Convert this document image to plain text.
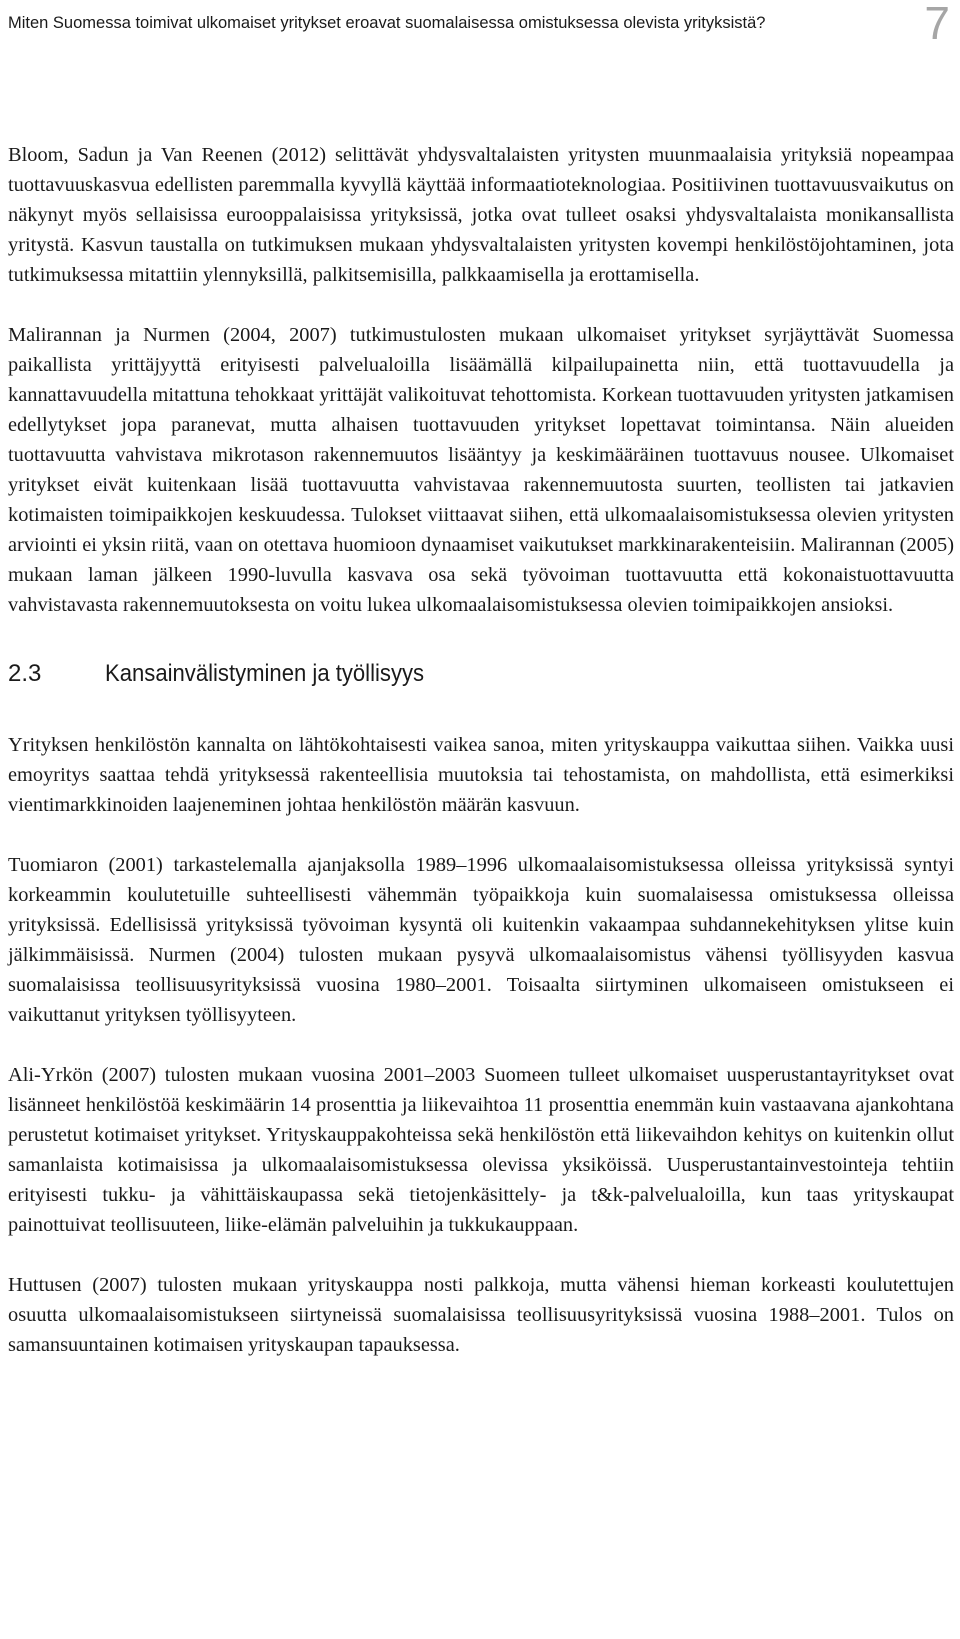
Miten Suomessa toimivat ulkomaiset yritykset eroavat suomalaisessa omistuksessa olevista yrityksistä?	7

Bloom, Sadun ja Van Reenen (2012) selittävät yhdysvaltalaisten yritysten muunmaalaisia yrityksiä nopeampaa tuottavuuskasvua edellisten paremmalla kyvyllä käyttää informaatioteknologiaa. Positiivinen tuottavuusvaikutus on näkynyt myös sellaisissa eurooppalaisissa yrityksissä, jotka ovat tulleet osaksi yhdysvaltalaista monikansallista yritystä. Kasvun taustalla on tutkimuksen mukaan yhdysvaltalaisten yritysten kovempi henkilöstöjohtaminen, jota tutkimuksessa mitattiin ylennyksillä, palkitsemisilla, palkkaamisella ja erottamisella.

Malirannan ja Nurmen (2004, 2007) tutkimustulosten mukaan ulkomaiset yritykset syrjäyttävät Suomessa paikallista yrittäjyyttä erityisesti palvelualoilla lisäämällä kilpailupainetta niin, että tuottavuudella ja kannattavuudella mitattuna tehokkaat yrittäjät valikoituvat tehottomista. Korkean tuottavuuden yritysten jatkamisen edellytykset jopa paranevat, mutta alhaisen tuottavuuden yritykset lopettavat toimintansa. Näin alueiden tuottavuutta vahvistava mikrotason rakennemuutos lisääntyy ja keskimääräinen tuottavuus nousee. Ulkomaiset yritykset eivät kuitenkaan lisää tuottavuutta vahvistavaa rakennemuutosta suurten, teollisten tai jatkavien kotimaisten toimipaikkojen keskuudessa. Tulokset viittaavat siihen, että ulkomaalaisomistuksessa olevien yritysten arviointi ei yksin riitä, vaan on otettava huomioon dynaamiset vaikutukset markkinarakenteisiin. Malirannan (2005) mukaan laman jälkeen 1990-luvulla kasvava osa sekä työvoiman tuottavuutta että kokonaistuottavuutta vahvistavasta rakennemuutoksesta on voitu lukea ulkomaalaisomistuksessa olevien toimipaikkojen ansioksi.

2.3	Kansainvälistyminen ja työllisyys

Yrityksen henkilöstön kannalta on lähtökohtaisesti vaikea sanoa, miten yrityskauppa vaikuttaa siihen. Vaikka uusi emoyritys saattaa tehdä yrityksessä rakenteellisia muutoksia tai tehostamista, on mahdollista, että esimerkiksi vientimarkkinoiden laajeneminen johtaa henkilöstön määrän kasvuun.

Tuomiaron (2001) tarkastelemalla ajanjaksolla 1989–1996 ulkomaalaisomistuksessa olleissa yrityksissä syntyi korkeammin koulutetuille suhteellisesti vähemmän työpaikkoja kuin suomalaisessa omistuksessa olleissa yrityksissä. Edellisissä yrityksissä työvoiman kysyntä oli kuitenkin vakaampaa suhdannekehityksen ylitse kuin jälkimmäisissä. Nurmen (2004) tulosten mukaan pysyvä ulkomaalaisomistus vähensi työllisyyden kasvua suomalaisissa teollisuusyrityksissä vuosina 1980–2001. Toisaalta siirtyminen ulkomaiseen omistukseen ei vaikuttanut yrityksen työllisyyteen.

Ali-Yrkön (2007) tulosten mukaan vuosina 2001–2003 Suomeen tulleet ulkomaiset uusperustantayritykset ovat lisänneet henkilöstöä keskimäärin 14 prosenttia ja liikevaihtoa 11 prosenttia enemmän kuin vastaavana ajankohtana perustetut kotimaiset yritykset. Yrityskauppakohteissa sekä henkilöstön että liikevaihdon kehitys on kuitenkin ollut samanlaista kotimaisissa ja ulkomaalaisomistuksessa olevissa yksiköissä. Uusperustantainvestointeja tehtiin erityisesti tukku- ja vähittäiskaupassa sekä tietojenkäsittely- ja t&k-palvelualoilla, kun taas yrityskaupat painottuivat teollisuuteen, liike-elämän palveluihin ja tukkukauppaan.

Huttusen (2007) tulosten mukaan yrityskauppa nosti palkkoja, mutta vähensi hieman korkeasti koulutettujen osuutta ulkomaalaisomistukseen siirtyneissä suomalaisissa teollisuusyrityksissä vuosina 1988–2001. Tulos on samansuuntainen kotimaisen yrityskaupan tapauksessa.
